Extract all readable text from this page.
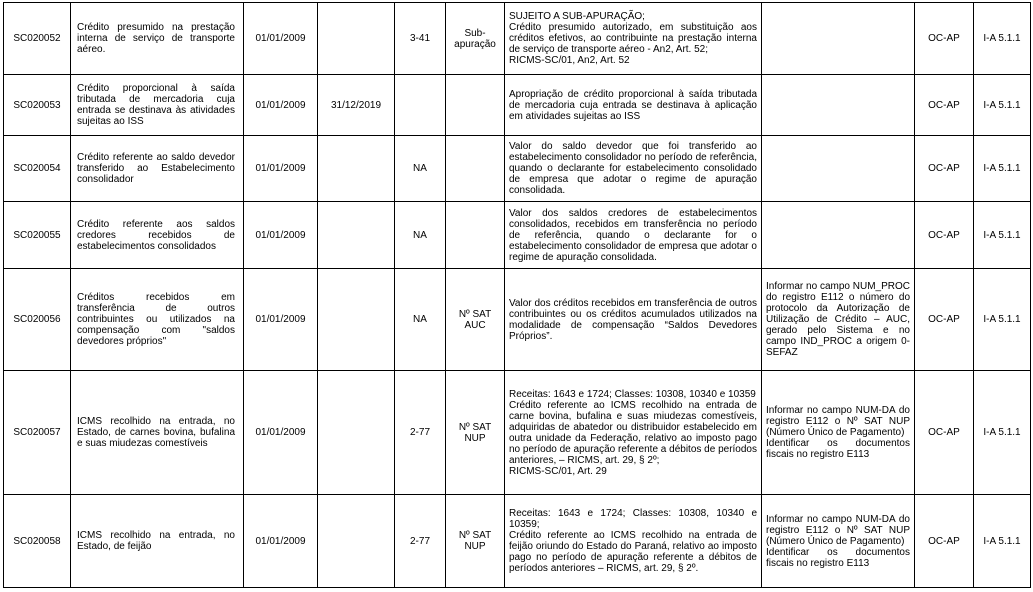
SC020052	Crédito presumido na prestação interna de serviço de transporte aéreo.	01/01/2009		3-41	Sub-apuração	SUJEITO A SUB-APURAÇÃO;
Crédito presumido autorizado, em substituição aos créditos efetivos, ao contribuinte na prestação interna de serviço de transporte aéreo - An2, Art. 52;
RICMS-SC/01, An2, Art. 52		OC-AP	I-A 5.1.1
SC020053	Crédito proporcional à saída tributada de mercadoria cuja entrada se destinava às atividades sujeitas ao ISS	01/01/2009	31/12/2019			Apropriação de crédito proporcional à saída tributada de mercadoria cuja entrada se destinava à aplicação em atividades sujeitas ao ISS		OC-AP	I-A 5.1.1
SC020054	Crédito referente ao saldo devedor transferido ao Estabelecimento consolidador	01/01/2009		NA		Valor do saldo devedor que foi transferido ao estabelecimento consolidador no período de referência, quando o declarante for estabelecimento consolidado de empresa que adotar o regime de apuração consolidada.		OC-AP	I-A 5.1.1
SC020055	Crédito referente aos saldos credores recebidos de estabelecimentos consolidados	01/01/2009		NA		Valor dos saldos credores de estabelecimentos consolidados, recebidos em transferência no período de referência, quando o declarante for o estabelecimento consolidador de empresa que adotar o regime de apuração consolidada.		OC-AP	I-A 5.1.1
SC020056	Créditos recebidos em transferência de outros contribuintes ou utilizados na compensação com "saldos devedores próprios"	01/01/2009		NA	Nº SAT AUC	Valor dos créditos recebidos em transferência de outros contribuintes ou os créditos acumulados utilizados na modalidade de compensação “Saldos Devedores Próprios”.	Informar no campo NUM_PROC do registro E112 o número do protocolo da Autorização de Utilização de Crédito – AUC, gerado pelo Sistema e no campo IND_PROC a origem 0-SEFAZ	OC-AP	I-A 5.1.1
SC020057	ICMS recolhido na entrada, no Estado, de carnes bovina, bufalina e suas miudezas comestíveis	01/01/2009		2-77	Nº SAT NUP	Receitas: 1643 e 1724; Classes: 10308, 10340 e 10359
Crédito referente ao ICMS recolhido na entrada de carne bovina, bufalina e suas miudezas comestíveis, adquiridas de abatedor ou distribuidor estabelecido em outra unidade da Federação, relativo ao imposto pago no período de apuração referente a débitos de períodos anteriores, – RICMS, art. 29, § 2º;
RICMS-SC/01, Art. 29	Informar no campo NUM-DA do registro E112 o Nº SAT NUP (Número Único de Pagamento)
Identificar os documentos fiscais no registro E113	OC-AP	I-A 5.1.1
SC020058	ICMS recolhido na entrada, no Estado, de feijão	01/01/2009		2-77	Nº SAT NUP	Receitas: 1643 e 1724; Classes: 10308, 10340 e 10359;
Crédito referente ao ICMS recolhido na entrada de feijão oriundo do Estado do Paraná, relativo ao imposto pago no período de apuração referente a débitos de períodos anteriores – RICMS, art. 29, § 2º.	Informar no campo NUM-DA do registro E112 o Nº SAT NUP (Número Único de Pagamento)
Identificar os documentos fiscais no registro E113	OC-AP	I-A 5.1.1
